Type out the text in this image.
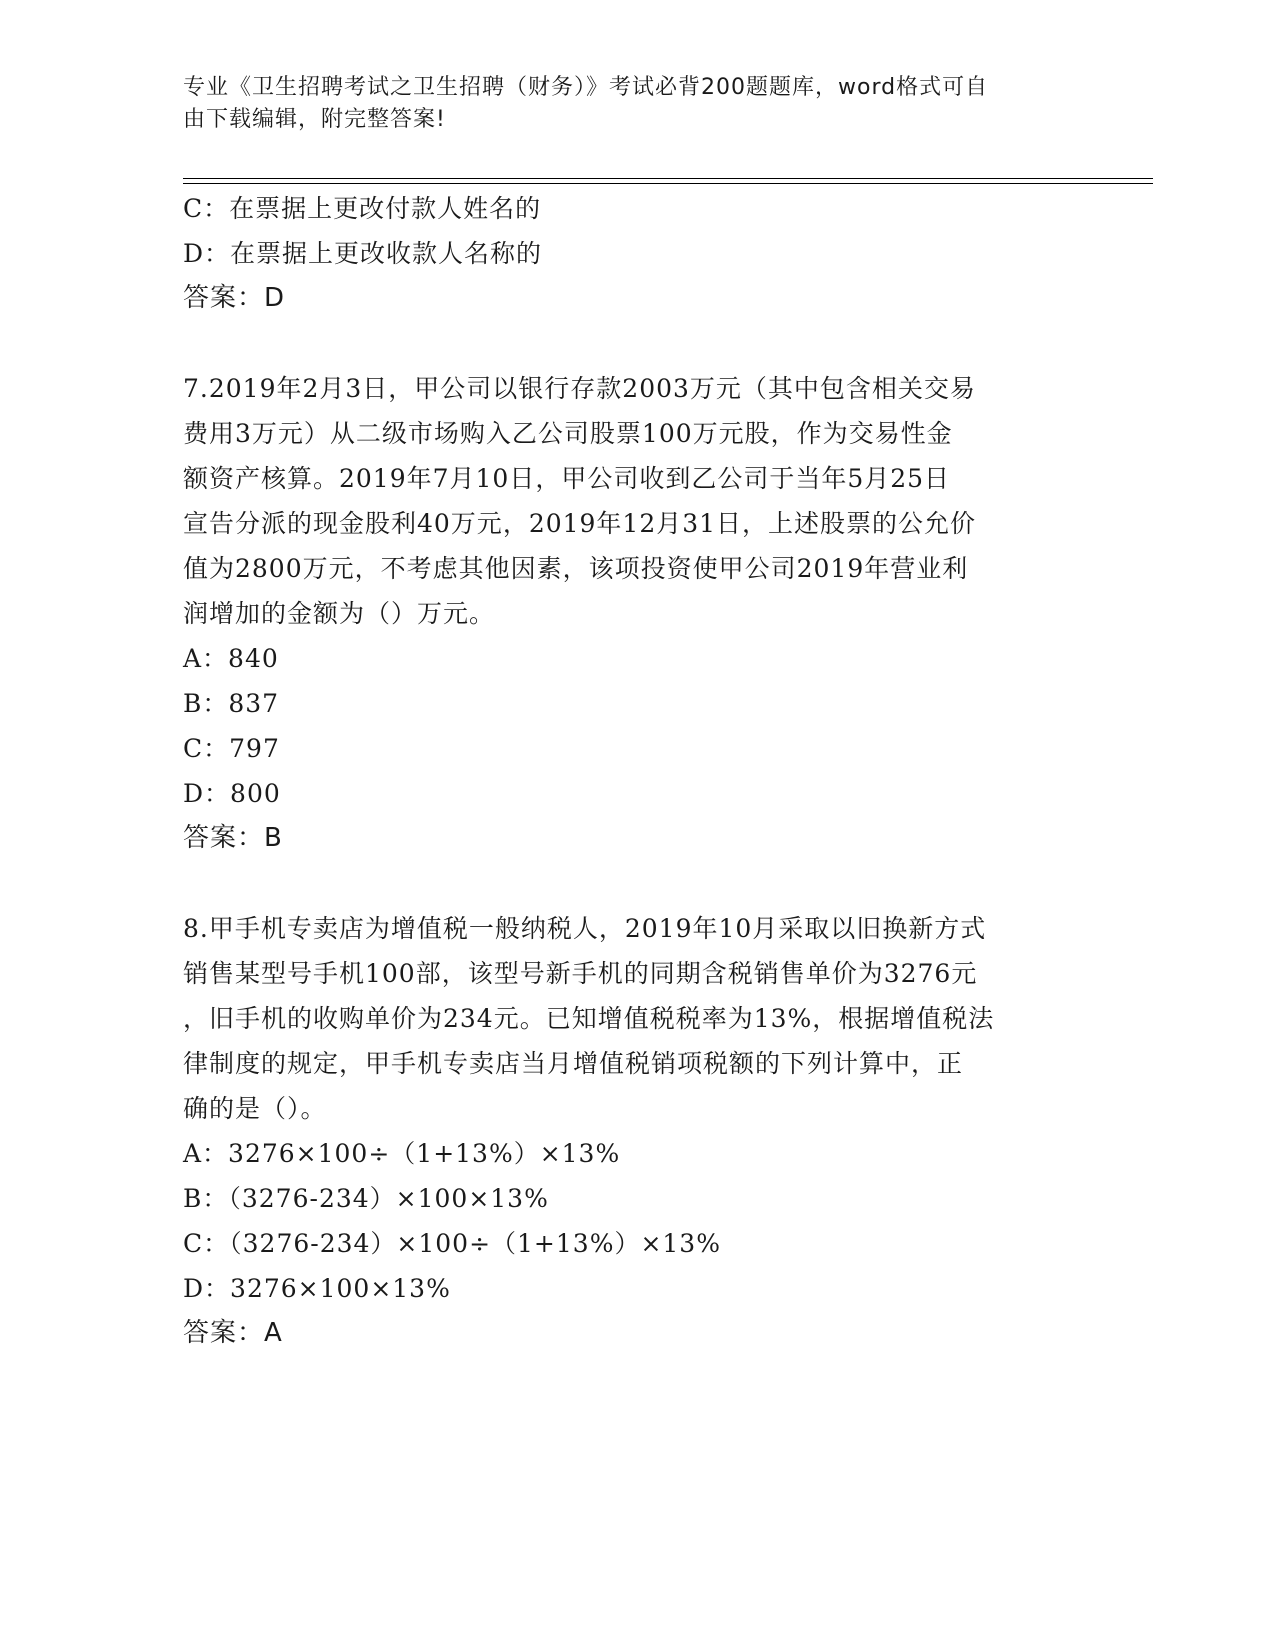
专业《卫生招聘考试之卫生招聘（财务）》考试必背200题题库，word格式可自
由下载编辑，附完整答案!
C：在票据上更改付款人姓名的
D：在票据上更改收款人名称的
答案：D
7.2019年2月3日，甲公司以银行存款2003万元（其中包含相关交易
费用3万元）从二级市场购入乙公司股票100万元股，作为交易性金
额资产核算。2019年7月10日，甲公司收到乙公司于当年5月25日
宣告分派的现金股利40万元，2019年12月31日，上述股票的公允价
值为2800万元，不考虑其他因素，该项投资使甲公司2019年营业利
润增加的金额为（）万元。
A：840
B：837
C：797
D：800
答案：B
8.甲手机专卖店为增值税一般纳税人，2019年10月采取以旧换新方式
销售某型号手机100部，该型号新手机的同期含税销售单价为3276元
，旧手机的收购单价为234元。已知增值税税率为13%，根据增值税法
律制度的规定，甲手机专卖店当月增值税销项税额的下列计算中，正
确的是（）。
A：3276×100÷（1+13%）×13%
B：（3276-234）×100×13%
C：（3276-234）×100÷（1+13%）×13%
D：3276×100×13%
答案：A
